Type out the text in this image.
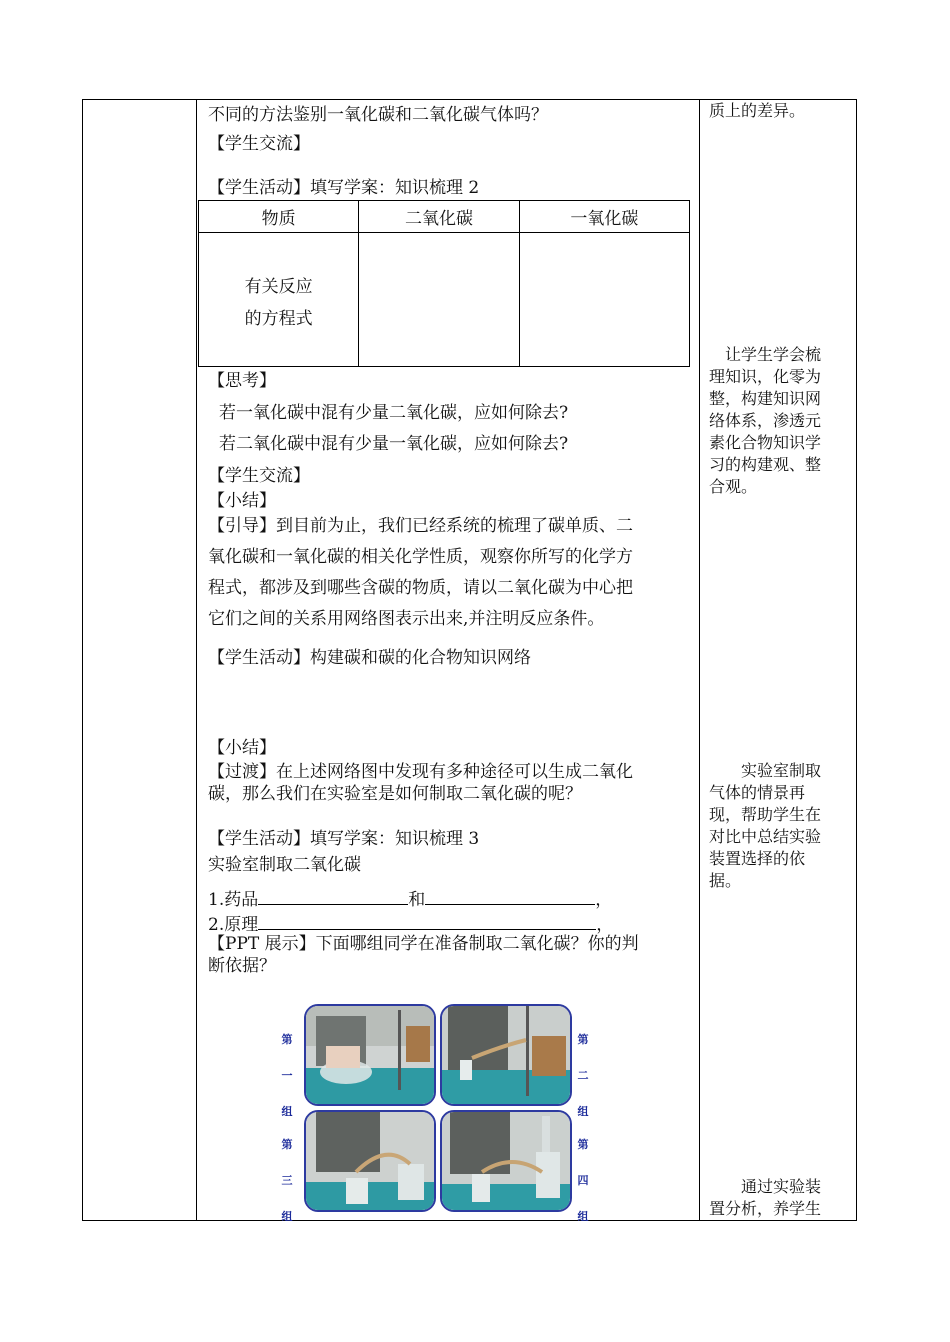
不同的方法鉴别一氧化碳和二氧化碳气体吗？
【学生交流】
【学生活动】填写学案：知识梳理 2
物质	二氧化碳	一氧化碳
有关反应
的方程式		
【思考】
若一氧化碳中混有少量二氧化碳，应如何除去?
若二氧化碳中混有少量一氧化碳，应如何除去?
【学生交流】
【小结】
【引导】到目前为止，我们已经系统的梳理了碳单质、二
氧化碳和一氧化碳的相关化学性质，观察你所写的化学方
程式，都涉及到哪些含碳的物质，请以二氧化碳为中心把
它们之间的关系用网络图表示出来,并注明反应条件。
【学生活动】构建碳和碳的化合物知识网络
【小结】
【过渡】在上述网络图中发现有多种途径可以生成二氧化
碳，那么我们在实验室是如何制取二氧化碳的呢？
【学生活动】填写学案：知识梳理 3
实验室制取二氧化碳
1.药品	和	，
2.原理	，
【PPT 展示】下面哪组同学在准备制取二氧化碳？你的判
断依据？
第

一

组
第

二

组
第

三

组
第

四

组
质上的差异。
　让学生学会梳
理知识，化零为
整，构建知识网
络体系，渗透元
素化合物知识学
习的构建观、整
合观。
　　实验室制取
气体的情景再
现，帮助学生在
对比中总结实验
装置选择的依
据。
　　通过实验装
置分析，养学生
